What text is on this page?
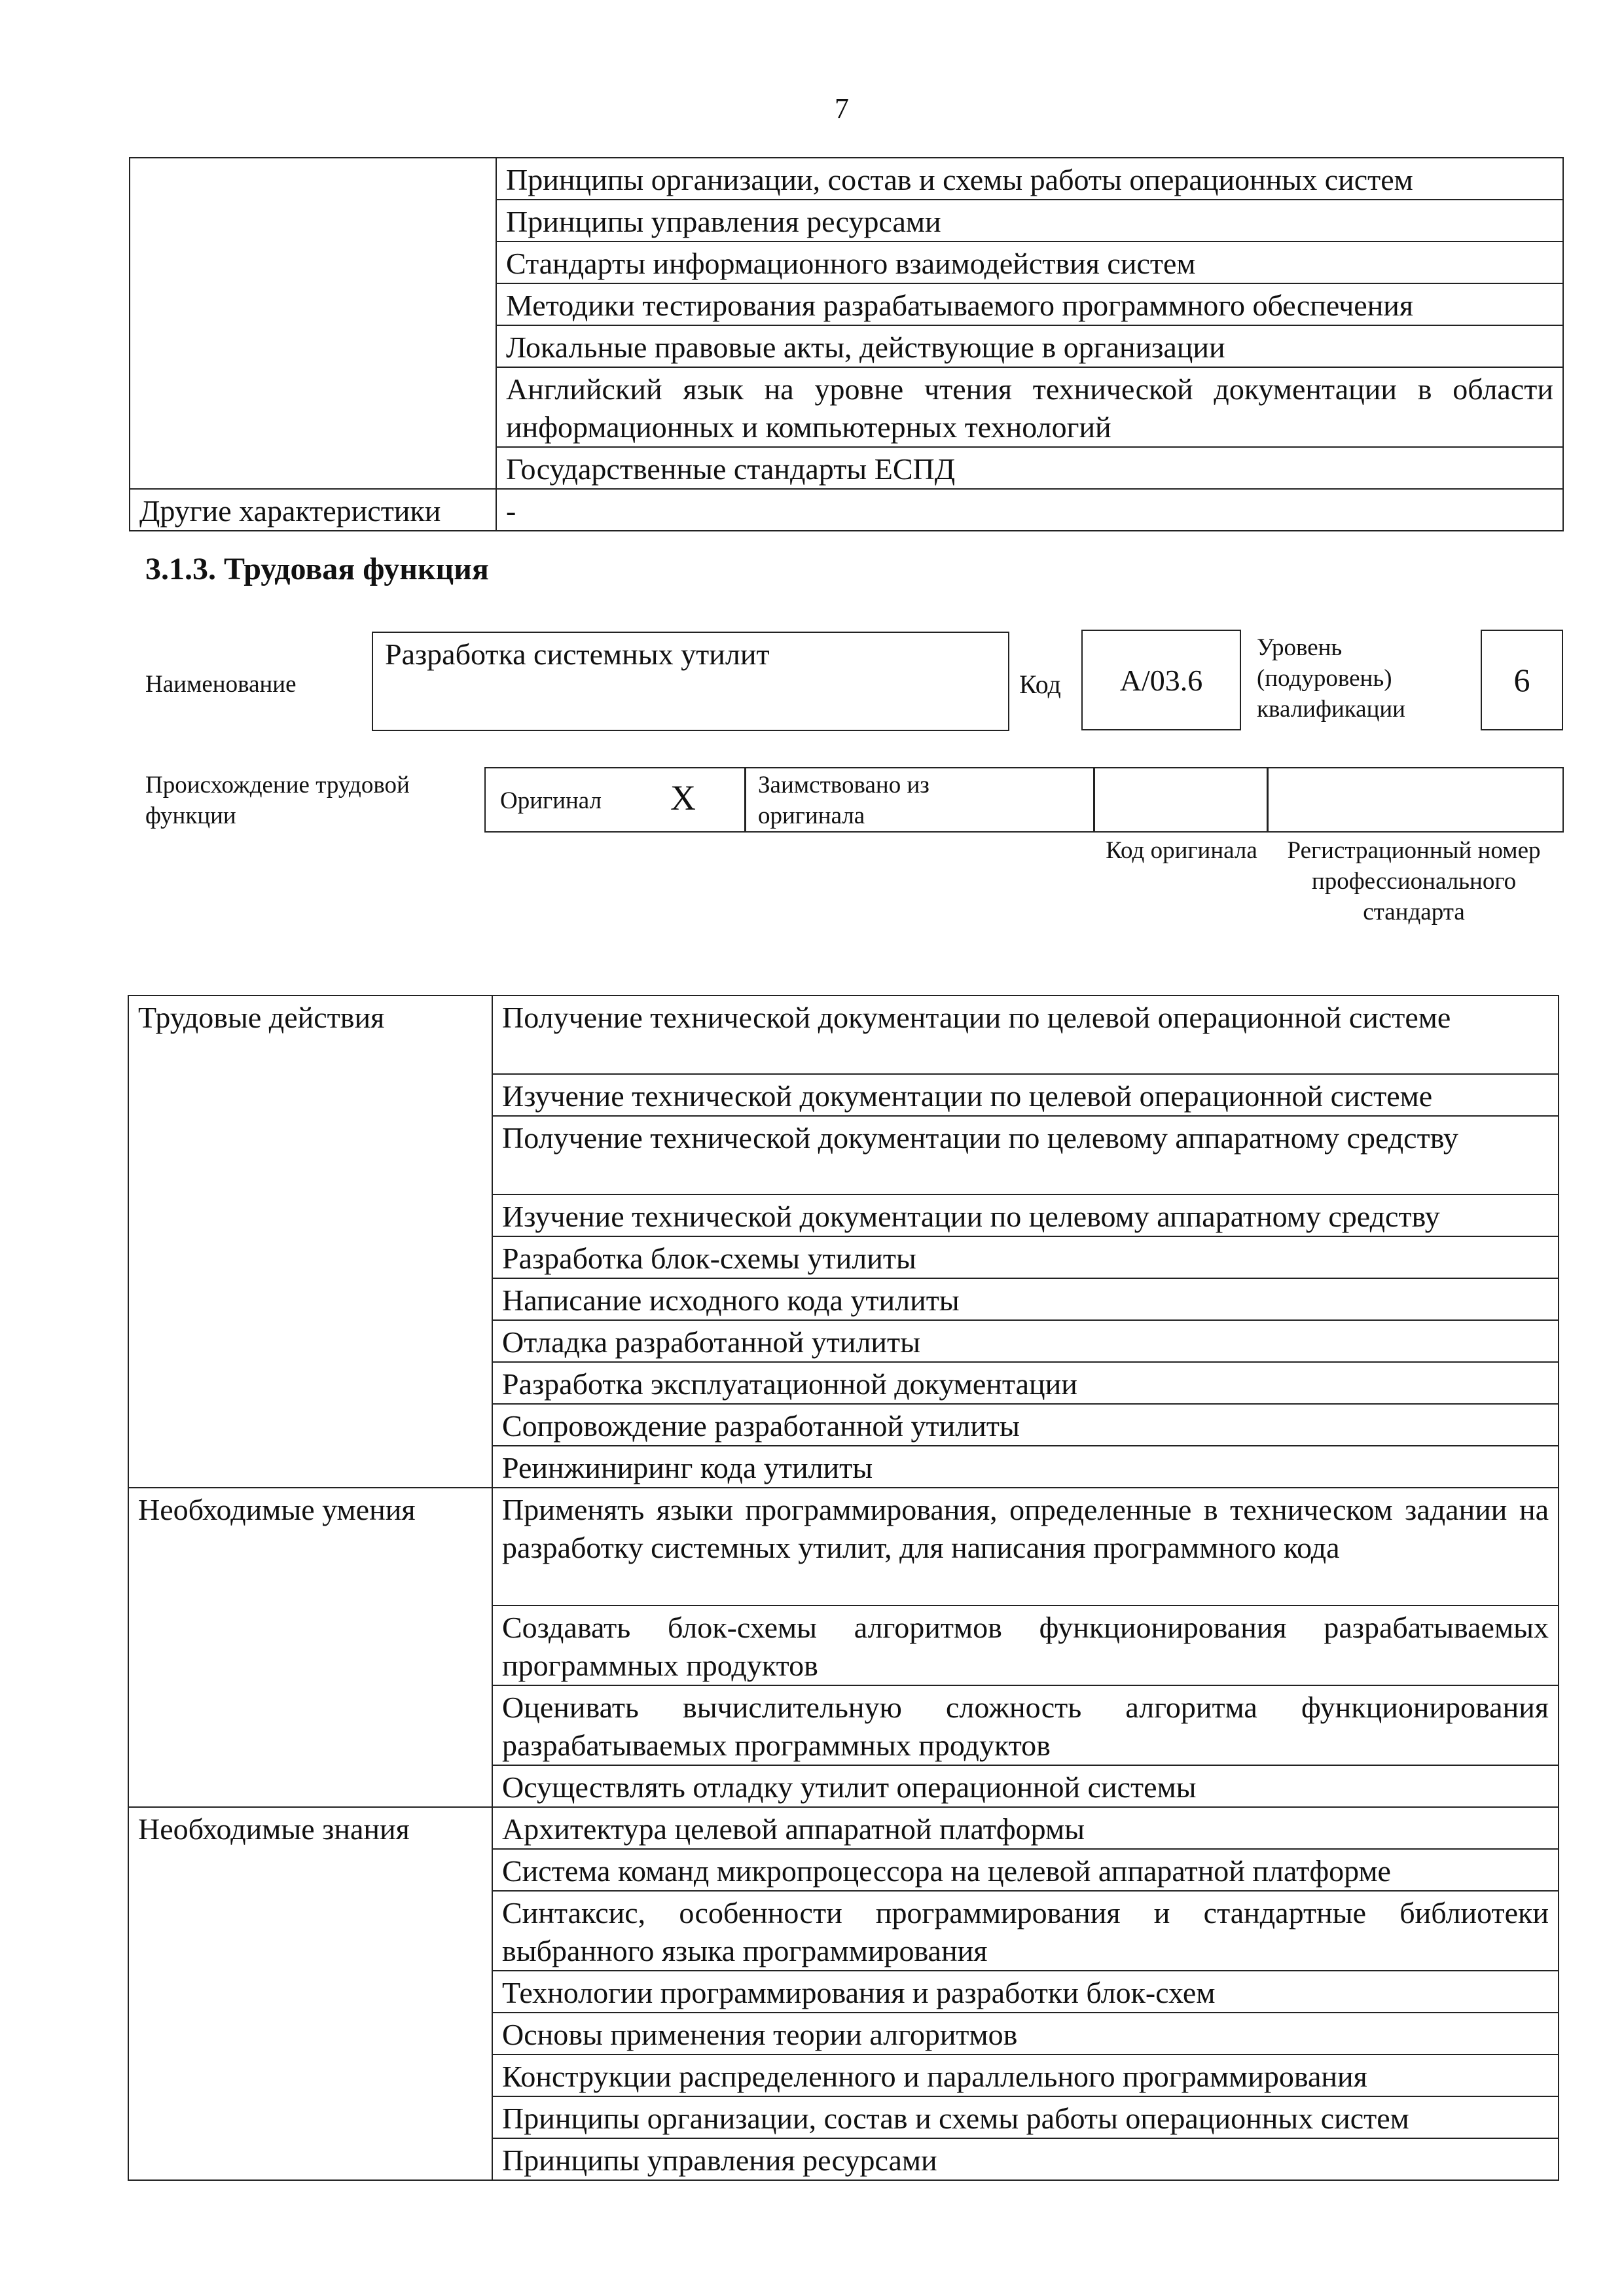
7
	Принципы организации, состав и схемы работы операционных систем
	Принципы управления ресурсами
	Стандарты информационного взаимодействия систем
	Методики тестирования разрабатываемого программного обеспечения
	Локальные правовые акты, действующие в организации
	Английский язык на уровне чтения технической документации в области информационных и компьютерных технологий
	Государственные стандарты ЕСПД
Другие характеристики	-
3.1.3. Трудовая функция
Наименование
Разработка системных утилит
Код A/03.6
Уровень (подуровень) квалификации
6
Происхождение трудовой функции
Оригинал X	Заимствовано из оригинала
Код оригинала	Регистрационный номер профессионального стандарта
Трудовые действия	Получение технической документации по целевой операционной системе
	Изучение технической документации по целевой операционной системе
	Получение технической документации по целевому аппаратному средству
	Изучение технической документации по целевому аппаратному средству
	Разработка блок-схемы утилиты
	Написание исходного кода утилиты
	Отладка разработанной утилиты
	Разработка эксплуатационной документации
	Сопровождение разработанной утилиты
	Реинжиниринг кода утилиты
Необходимые умения	Применять языки программирования, определенные в техническом задании на разработку системных утилит, для написания программного кода
	Создавать блок-схемы алгоритмов функционирования разрабатываемых программных продуктов
	Оценивать вычислительную сложность алгоритма функционирования разрабатываемых программных продуктов
	Осуществлять отладку утилит операционной системы
Необходимые знания	Архитектура целевой аппаратной платформы
	Система команд микропроцессора на целевой аппаратной платформе
	Синтаксис, особенности программирования и стандартные библиотеки выбранного языка программирования
	Технологии программирования и разработки блок-схем
	Основы применения теории алгоритмов
	Конструкции распределенного и параллельного программирования
	Принципы организации, состав и схемы работы операционных систем
	Принципы управления ресурсами
